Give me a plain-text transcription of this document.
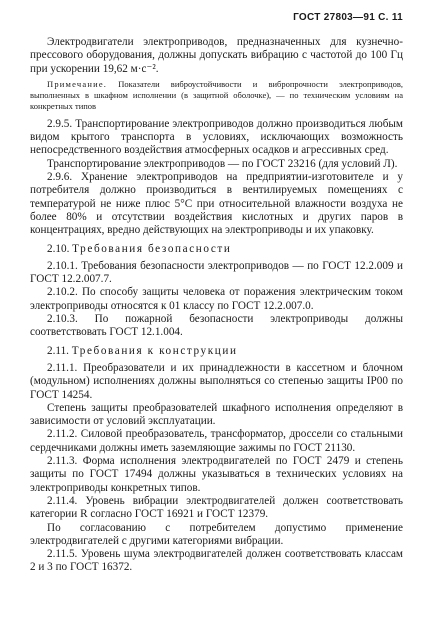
ГОСТ 27803—91 С. 11

Электродвигатели электроприводов, предназначенных для кузнечно-прессового оборудования, должны допускать вибрацию с частотой до 100 Гц при ускорении 19,62 м·с⁻².

Примечание. Показатели виброустойчивости и вибропрочности электроприводов, выполненных в шкафном исполнении (в защитной оболочке), — по техническим условиям на конкретных типов

2.9.5. Транспортирование электроприводов должно производиться любым видом крытого транспорта в условиях, исключающих возможность непосредственного воздействия атмосферных осадков и агрессивных сред.

Транспортирование электроприводов — по ГОСТ 23216 (для условий Л).

2.9.6. Хранение электроприводов на предприятии-изготовителе и у потребителя должно производиться в вентилируемых помещениях с температурой не ниже плюс 5°С при относительной влажности воздуха не более 80% и отсутствии воздействия кислотных и других паров в концентрациях, вредно действующих на электроприводы и их упаковку.

2.10. Требования безопасности

2.10.1. Требования безопасности электроприводов — по ГОСТ 12.2.009 и ГОСТ 12.2.007.7.

2.10.2. По способу защиты человека от поражения электрическим током электроприводы относятся к 01 классу по ГОСТ 12.2.007.0.

2.10.3. По пожарной безопасности электроприводы должны соответствовать ГОСТ 12.1.004.

2.11. Требования к конструкции

2.11.1. Преобразователи и их принадлежности в кассетном и блочном (модульном) исполнениях должны выполняться со степенью защиты IP00 по ГОСТ 14254.

Степень защиты преобразователей шкафного исполнения определяют в зависимости от условий эксплуатации.

2.11.2. Силовой преобразователь, трансформатор, дроссели со стальными сердечниками должны иметь заземляющие зажимы по ГОСТ 21130.

2.11.3. Форма исполнения электродвигателей по ГОСТ 2479 и степень защиты по ГОСТ 17494 должны указываться в технических условиях на электроприводы конкретных типов.

2.11.4. Уровень вибрации электродвигателей должен соответствовать категории R согласно ГОСТ 16921 и ГОСТ 12379.

По согласованию с потребителем допустимо применение электродвигателей с другими категориями вибрации.

2.11.5. Уровень шума электродвигателей должен соответствовать классам 2 и 3 по ГОСТ 16372.
